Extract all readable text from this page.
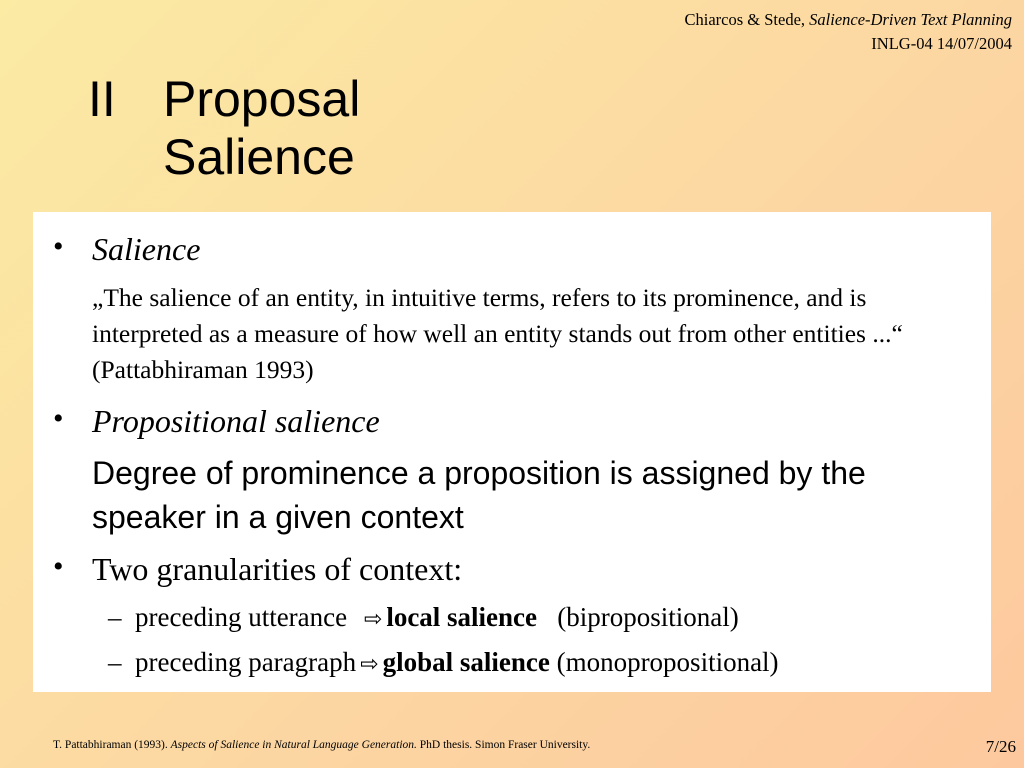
Chiarcos & Stede, Salience-Driven Text Planning
INLG-04 14/07/2004
II Proposal
Salience
• Salience
„The salience of an entity, in intuitive terms, refers to its prominence, and is interpreted as a measure of how well an entity stands out from other entities ...“ (Pattabhiraman 1993)
• Propositional salience
Degree of prominence a proposition is assigned by the speaker in a given context
• Two granularities of context:
– preceding utterance ⇨ local salience (bipropositional)
– preceding paragraph ⇨ global salience (monopropositional)
T. Pattabhiraman (1993). Aspects of Salience in Natural Language Generation. PhD thesis. Simon Fraser University.	7/26
